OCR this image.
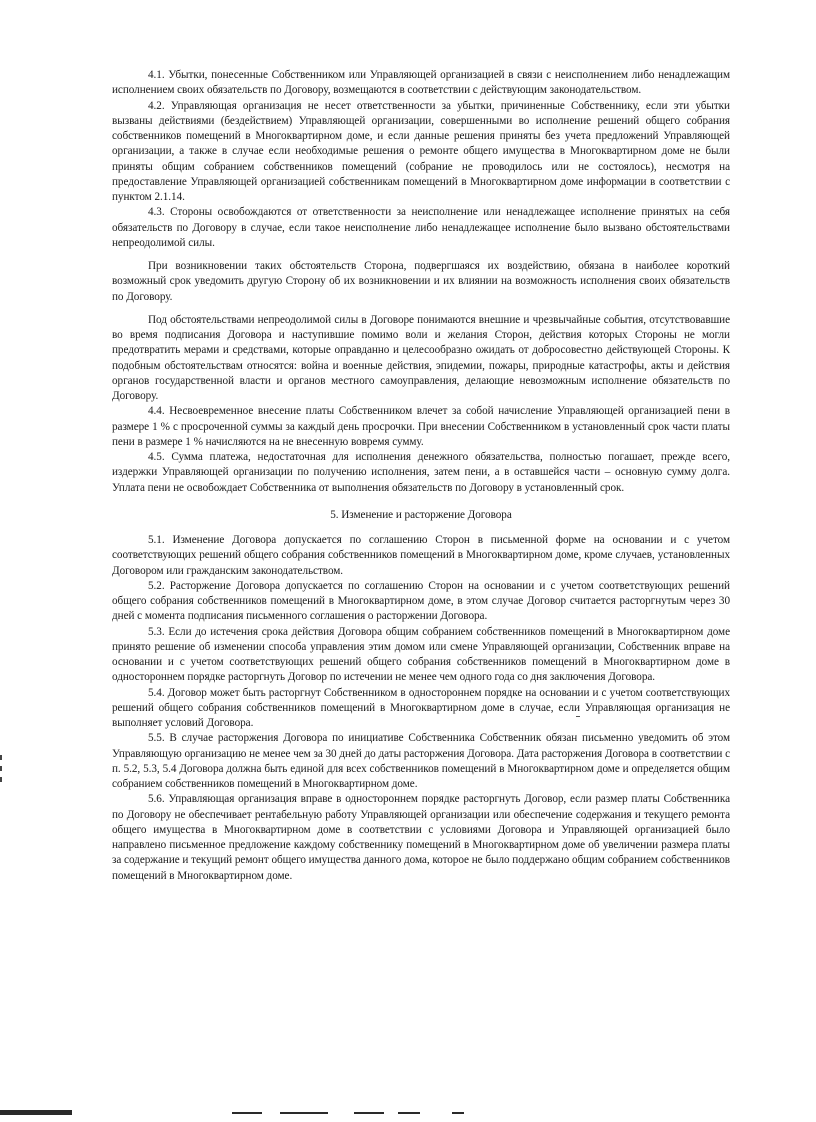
4.1. Убытки, понесенные Собственником или Управляющей организацией в связи с неисполнением либо ненадлежащим исполнением своих обязательств по Договору, возмещаются в соответствии с действующим законодательством.

4.2. Управляющая организация не несет ответственности за убытки, причиненные Собственнику, если эти убытки вызваны действиями (бездействием) Управляющей организации, совершенными во исполнение решений общего собрания собственников помещений в Многоквартирном доме, и если данные решения приняты без учета предложений Управляющей организации, а также в случае если необходимые решения о ремонте общего имущества в Многоквартирном доме не были приняты общим собранием собственников помещений (собрание не проводилось или не состоялось), несмотря на предоставление Управляющей организацией собственникам помещений в Многоквартирном доме информации в соответствии с пунктом 2.1.14.

4.3. Стороны освобождаются от ответственности за неисполнение или ненадлежащее исполнение принятых на себя обязательств по Договору в случае, если такое неисполнение либо ненадлежащее исполнение было вызвано обстоятельствами непреодолимой силы.

При возникновении таких обстоятельств Сторона, подвергшаяся их воздействию, обязана в наиболее короткий возможный срок уведомить другую Сторону об их возникновении и их влиянии на возможность исполнения своих обязательств по Договору.

Под обстоятельствами непреодолимой силы в Договоре понимаются внешние и чрезвычайные события, отсутствовавшие во время подписания Договора и наступившие помимо воли и желания Сторон, действия которых Стороны не могли предотвратить мерами и средствами, которые оправданно и целесообразно ожидать от добросовестно действующей Стороны. К подобным обстоятельствам относятся: война и военные действия, эпидемии, пожары, природные катастрофы, акты и действия органов государственной власти и органов местного самоуправления, делающие невозможным исполнение обязательств по Договору.

4.4. Несвоевременное внесение платы Собственником влечет за собой начисление Управляющей организацией пени в размере 1 % с просроченной суммы за каждый день просрочки. При внесении Собственником в установленный срок части платы пени в размере 1 % начисляются на не внесенную вовремя сумму.

4.5. Сумма платежа, недостаточная для исполнения денежного обязательства, полностью погашает, прежде всего, издержки Управляющей организации по получению исполнения, затем пени, а в оставшейся части – основную сумму долга. Уплата пени не освобождает Собственника от выполнения обязательств по Договору в установленный срок.

5. Изменение и расторжение Договора

5.1. Изменение Договора допускается по соглашению Сторон в письменной форме на основании и с учетом соответствующих решений общего собрания собственников помещений в Многоквартирном доме, кроме случаев, установленных Договором или гражданским законодательством.

5.2. Расторжение Договора допускается по соглашению Сторон на основании и с учетом соответствующих решений общего собрания собственников помещений в Многоквартирном доме, в этом случае Договор считается расторгнутым через 30 дней с момента подписания письменного соглашения о расторжении Договора.

5.3. Если до истечения срока действия Договора общим собранием собственников помещений в Многоквартирном доме принято решение об изменении способа управления этим домом или смене Управляющей организации, Собственник вправе на основании и с учетом соответствующих решений общего собрания собственников помещений в Многоквартирном доме в одностороннем порядке расторгнуть Договор по истечении не менее чем одного года со дня заключения Договора.

5.4. Договор может быть расторгнут Собственником в одностороннем порядке на основании и с учетом соответствующих решений общего собрания собственников помещений в Многоквартирном доме в случае, если Управляющая организация не выполняет условий Договора.

5.5. В случае расторжения Договора по инициативе Собственника Собственник обязан письменно уведомить об этом Управляющую организацию не менее чем за 30 дней до даты расторжения Договора. Дата расторжения Договора в соответствии с п. 5.2, 5.3, 5.4 Договора должна быть единой для всех собственников помещений в Многоквартирном доме и определяется общим собранием собственников помещений в Многоквартирном доме.

5.6. Управляющая организация вправе в одностороннем порядке расторгнуть Договор, если размер платы Собственника по Договору не обеспечивает рентабельную работу Управляющей организации или обеспечение содержания и текущего ремонта общего имущества в Многоквартирном доме в соответствии с условиями Договора и Управляющей организацией было направлено письменное предложение каждому собственнику помещений в Многоквартирном доме об увеличении размера платы за содержание и текущий ремонт общего имущества данного дома, которое не было поддержано общим собранием собственников помещений в Многоквартирном доме.
